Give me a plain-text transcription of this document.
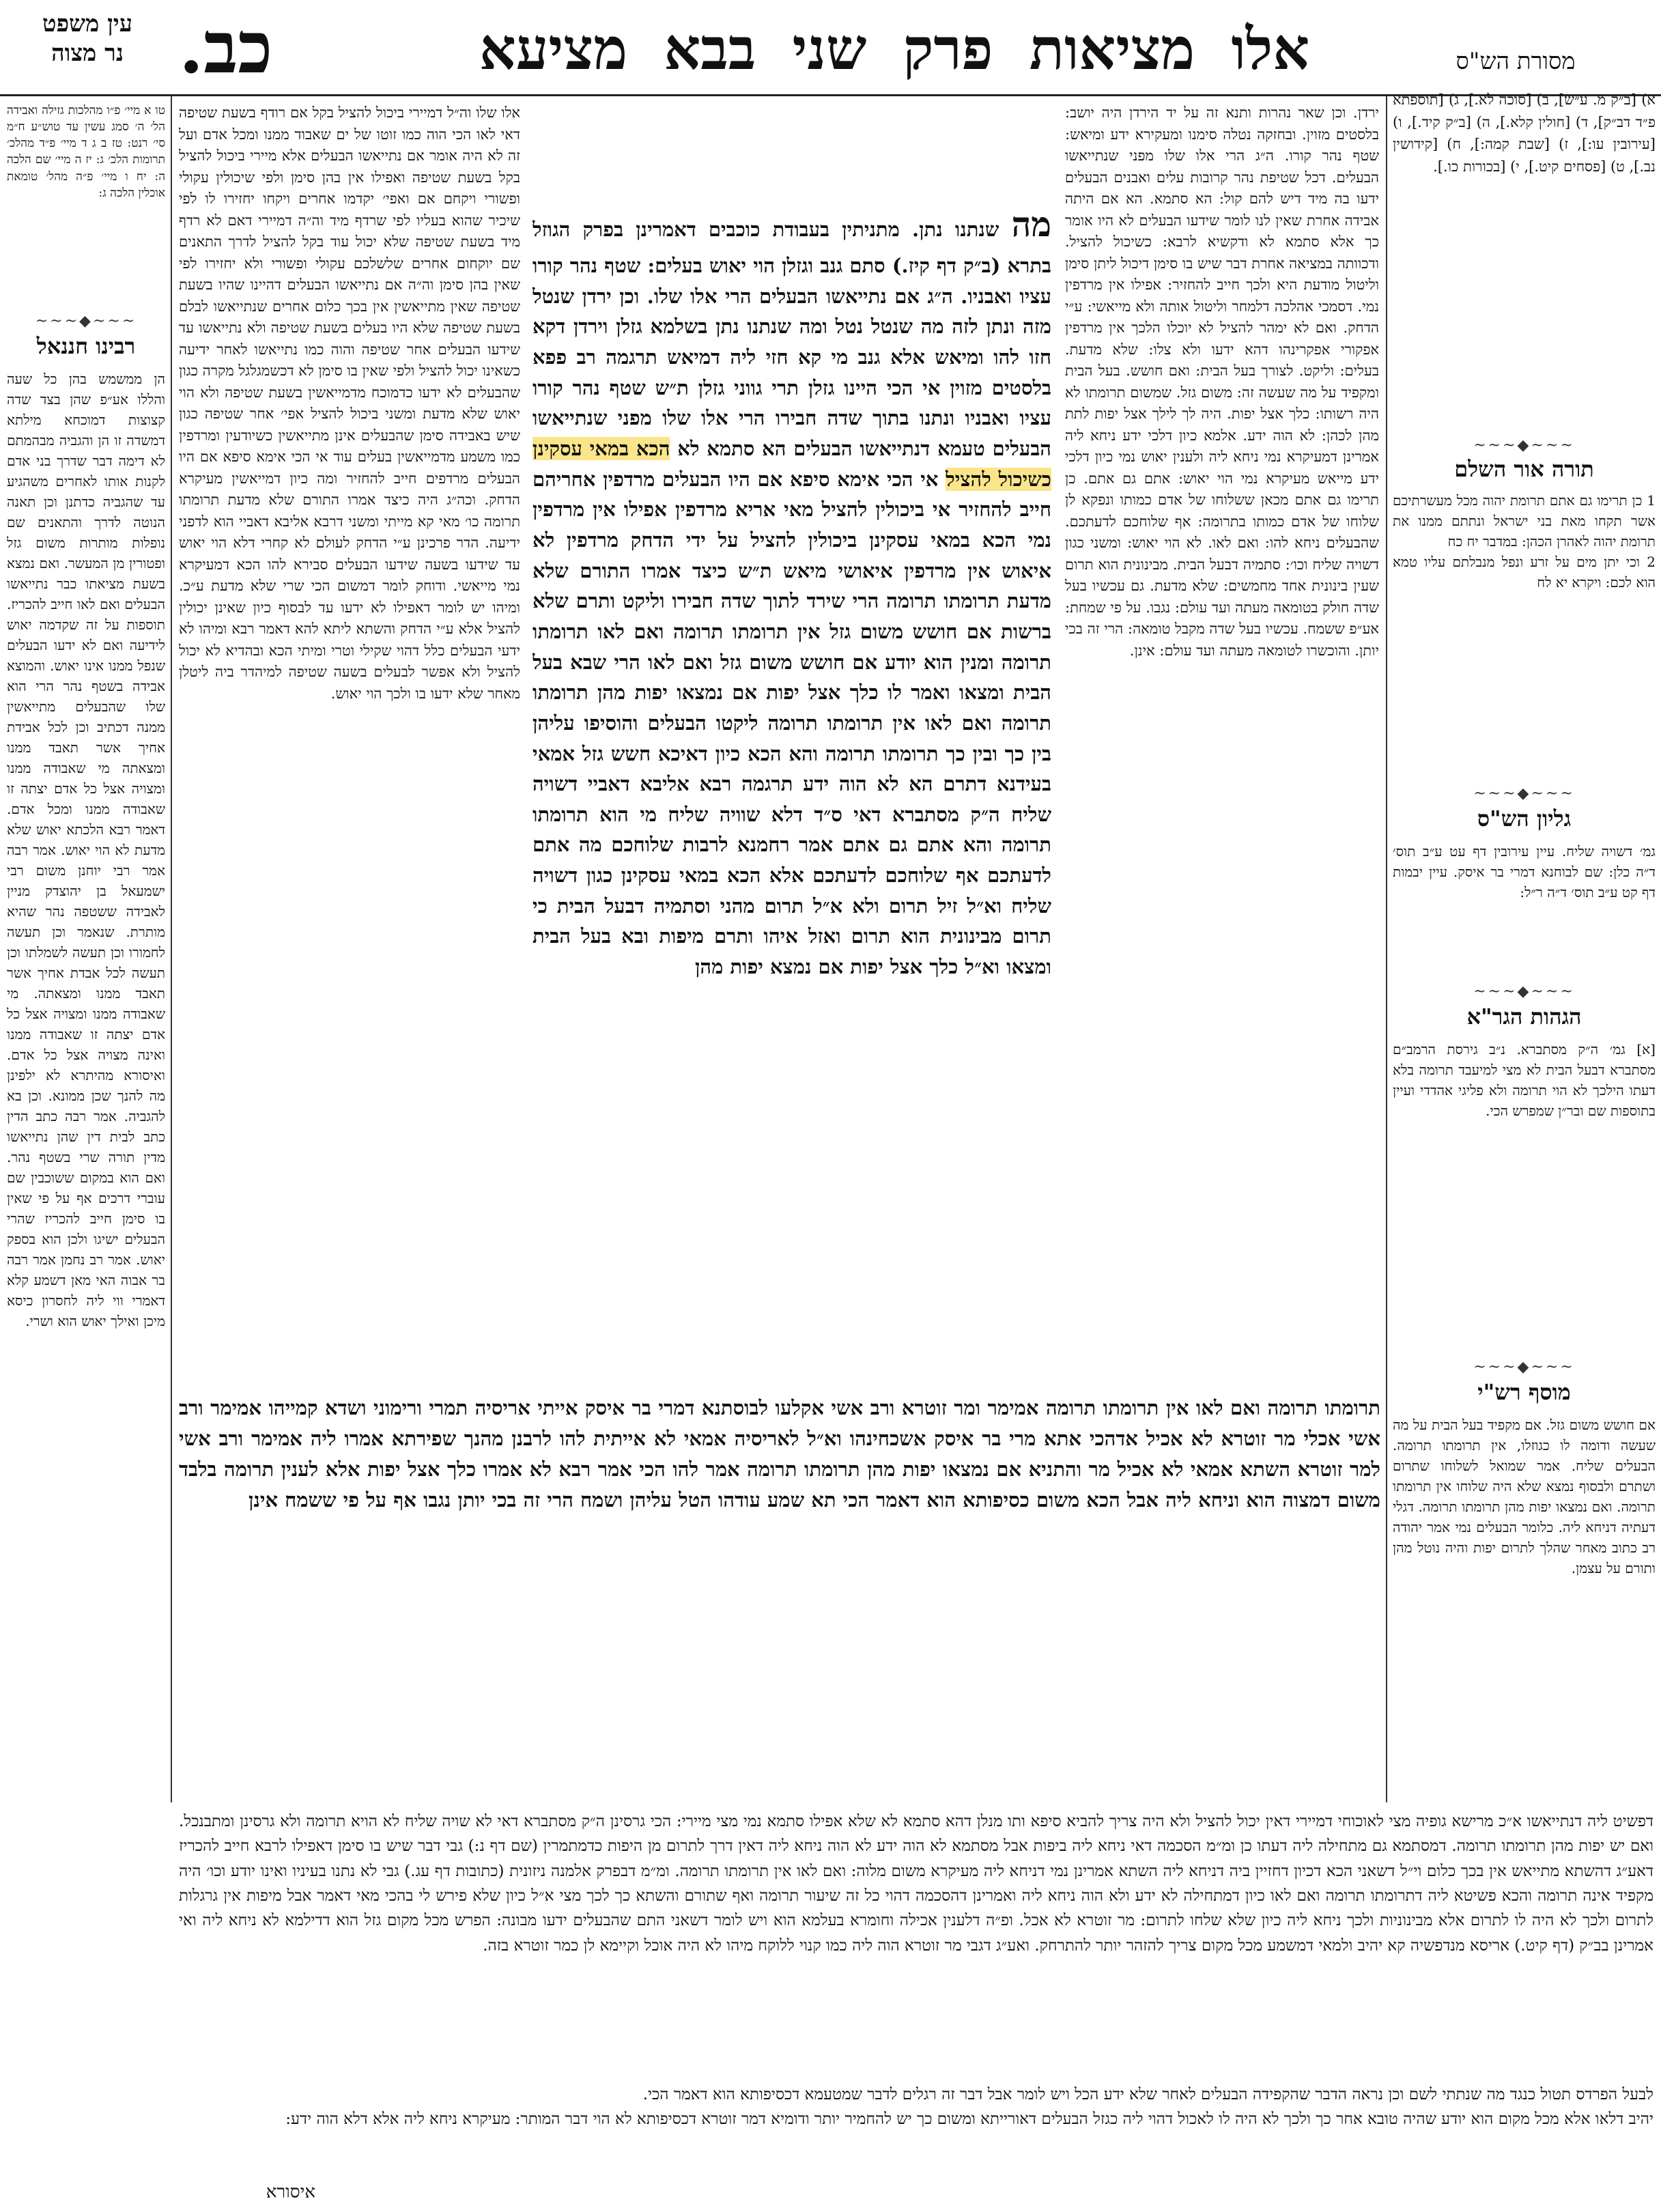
עין משפט
נר מצוה	כב.	אלו מציאות פרק שני בבא מציעא	מסורת הש"ס
טו א מיי׳ פ״ו מהלכות גזילה ואבידה הל׳ ה׳ סמג עשין עד טוש״ע ח״מ סי׳ רנט: טז ב ג ד מיי׳ פ״ד מהלכ׳ תרומות הלכ׳ ג: יז ה מיי׳ שם הלכה ה: יח ו מיי׳ פ״ה מהל׳ טומאת אוכלין הלכה ג:
~~~◆~~~
רבינו חננאל
הן ממשמש בהן כל שעה והללו אע״פ שהן בצד שדה קצוצות דמוכחא מילתא דמשדה זו הן והגביה מבהמתם לא דימה דבר שדרך בני אדם לקנות אותו לאחרים משהגיע עד שהגביה כדתנן וכן תאנה הנוטה לדרך והתאנים שם נופלות מותרות משום גזל ופטורין מן המעשר. ואם נמצא בשעת מציאתו כבר נתייאשו הבעלים ואם לאו חייב להכריז. תוספות על זה שקדמה יאוש לידיעה ואם לא ידעו הבעלים שנפל ממנו אינו יאוש. והמוצא אבידה בשטף נהר הרי הוא שלו שהבעלים מתייאשין ממנה דכתיב וכן לכל אבידת אחיך אשר תאבד ממנו ומצאתה מי שאבודה ממנו ומצויה אצל כל אדם יצתה זו שאבודה ממנו ומכל אדם. דאמר רבא הלכתא יאוש שלא מדעת לא הוי יאוש. אמר רבה אמר רבי יוחנן משום רבי ישמעאל בן יהוצדק מניין לאבידה ששטפה נהר שהיא מותרת. שנאמר וכן תעשה לחמורו וכן תעשה לשמלתו וכן תעשה לכל אבדת אחיך אשר תאבד ממנו ומצאתה. מי שאבודה ממנו ומצויה אצל כל אדם יצתה זו שאבודה ממנו ואינה מצויה אצל כל אדם. ואיסורא מהיתרא לא ילפינן מה להנך שכן ממונא. וכן בא להגביה. אמר רבה כתב הדין כתב לבית דין שהן נתייאשו מדין תורה שרי בשטף נהר. ואם הוא במקום ששוכבין שם עוברי דרכים אף על פי שאין בו סימן חייב להכריז שהרי הבעלים ישיגו ולכן הוא בספק יאוש. אמר רב נחמן אמר רבה בר אבוה האי מאן דשמע קלא דאמרי ווי ליה לחסרון כיסא מיכן ואילך יאוש הוא ושרי.
א) [ב״ק מ. ע״ש], ב) [סוכה לא.], ג) [תוספתא פ״ד דב״ק], ד) [חולין קלא.], ה) [ב״ק קיד.], ו) [עירובין עו:], ז) [שבת קמה:], ח) [קידושין נב.], ט) [פסחים קיט.], י) [בכורות כו.].
~~~◆~~~
תורה אור השלם
1 כן תרימו גם אתם תרומת יהוה מכל מעשרתיכם אשר תקחו מאת בני ישראל ונתתם ממנו את תרומת יהוה לאהרן הכהן: במדבר יח כח
2 וכי יתן מים על זרע ונפל מנבלתם עליו טמא הוא לכם: ויקרא יא לח
~~~◆~~~
גליון הש"ס
גמ׳ דשויה שליח. עיין עירובין דף עט ע״ב תוס׳ ד״ה כלן: שם לבוחנא דמרי בר איסק. עיין יבמות דף קט ע״ב תוס׳ ד״ה ר״ל:
~~~◆~~~
הגהות הגר"א
[א] גמ׳ ה״ק מסתברא. נ״ב גירסת הרמב״ם מסתברא דבעל הבית לא מצי למיעבד תרומה בלא דעתו הילכך לא הוי תרומה ולא פליגי אהדדי ועיין בתוספות שם ובר״ן שמפרש הכי.
~~~◆~~~
מוסף רש"י
אם חושש משום גזל. אם מקפיד בעל הבית על מה שעשה ודומה לו כגוזלו, אין תרומתו תרומה. הבעלים שליח. אמר שמואל לשלוחו שתרום ושתרם ולבסוף נמצא שלא היה שלוחו אין תרומתו תרומה. ואם נמצאו יפות מהן תרומתו תרומה. דגלי דעתיה דניחא ליה. כלומר הבעלים נמי אמר יהודה רב כתוב מאחר שהלך לתרום יפות והיה נוטל מהן ותורם על עצמן.
אלו שלו וה״ל דמיירי ביכול להציל בקל אם רודף בשעת שטיפה דאי לאו הכי הוה כמו זוטו של ים שאבוד ממנו ומכל אדם ועל זה לא היה אומר אם נתייאשו הבעלים אלא מיירי ביכול להציל בקל בשעת שטיפה ואפילו אין בהן סימן ולפי שיכולין עקולי ופשורי ויקחם אם ואפי׳ יקדמו אחרים ויקחו יחזירו לו לפי שיכיר שהוא בעליו לפי שרדף מיד וה״ה דמיירי דאם לא רדף מיד בשעת שטיפה שלא יכול עוד בקל להציל לדרך התאנים שם יוקחום אחרים שלשלכם עקולי ופשורי ולא יחזירו לפי שאין בהן סימן וה״ה אם נתייאשו הבעלים דהיינו שהיו בשעת שטיפה שאין מתייאשין אין בכך כלום אחרים שנתייאשו לבלם בשעת שטיפה שלא היו בעלים בשעת שטיפה ולא נתייאשו עד שידעו הבעלים אחר שטיפה והוה כמו נתייאשו לאחר ידיעה כשאינו יכול להציל ולפי שאין בו סימן לא דכשמגלגל מקרה כגון שהבעלים לא ידעו כדמוכח מדמייאשין בשעת שטיפה ולא הוי יאוש שלא מדעת ומשני ביכול להציל אפי׳ אחר שטיפה כגון שיש באבידה סימן שהבעלים אינן מתייאשין כשיודעין ומרדפין כמו משמע מדמייאשין בעלים עוד אי הכי אימא סיפא אם היו הבעלים מרדפים חייב להחזיר ומה כיון דמייאשין מעיקרא הדחק. וכה״ג היה כיצד אמרו התורם שלא מדעת תרומתו תרומה כו׳ מאי קא מייתי ומשני דרבא אליבא דאביי הוא לדפני ידיעה. הדר פרכינן ע״י הדחק לעולם לא קחרי דלא הוי יאוש עד שידעו בשעה שידעו הבעלים סבירא להו הכא דמעיקרא נמי מייאשי. ודוחק לומר דמשום הכי שרי שלא מדעת ע״כ. ומיהו יש לומר דאפילו לא ידעו עד לבסוף כיון שאינן יכולין להציל אלא ע״י הדחק והשתא ליתא להא דאמר רבא ומיהו לא ידעי הבעלים כלל דהוי שקילי וטרי ומיתי הכא ובהדיא לא יכול להציל ולא אפשר לבעלים בשעה שטיפה למיהדר ביה ליטלן מאחר שלא ידעו בו ולכך הוי יאוש.
ירדן. וכן שאר נהרות ותנא זה על יד הירדן היה יושב: בלסטים מזוין. ובחזקה נטלה סימנו ומעקירא ידע ומיאש: שטף נהר קורו. ה״ג הרי אלו שלו מפני שנתייאשו הבעלים. דכל שטיפת נהר קרובות עלים ואבנים הבעלים ידעו בה מיד דיש להם קול: הא סתמא. הא אם היתה אבידה אחרת שאין לנו לומר שידעו הבעלים לא היו אומר כך אלא סתמא לא ודקשיא לרבא: כשיכול להציל. ודכוותה במציאה אחרת דבר שיש בו סימן דיכול ליתן סימן וליטול מודעת היא ולכך חייב להחזיר: אפילו אין מרדפין נמי. דסמכי אהלכה דלמחר וליטול אותה ולא מייאשי: ע״י הדחק. ואם לא ימהר להציל לא יוכלו הלכך אין מרדפין אפקורי אפקרינהו דהא ידעו ולא צלו: שלא מדעת. בעלים: וליקט. לצורך בעל הבית: ואם חושש. בעל הבית ומקפיד על מה שעשה זה: משום גזל. שמשום תרומתו לא היה רשותו: כלך אצל יפות. היה לך לילך אצל יפות לתת מהן לכהן: לא הוה ידע. אלמא כיון דלכי ידע ניחא ליה אמרינן דמעיקרא נמי ניחא ליה ולענין יאוש נמי כיון דלכי ידע מייאש מעיקרא נמי הוי יאוש: אתם גם אתם. כן תרימו גם אתם מכאן ששלוחו של אדם כמותו ונפקא לן שלוחו של אדם כמותו בתרומה: אף שלוחכם לדעתכם. שהבעלים ניחא להו: ואם לאו. לא הוי יאוש: ומשני כגון דשויה שליח וכו׳: סתמיה דבעל הבית. מבינונית הוא תרום שעין בינונית אחד מחמשים: שלא מדעת. גם עכשיו בעל שדה חולק בטומאה מעתה ועד עולם: נגבו. על פי שמחת: אע״פ ששמח. עכשיו בעל שדה מקבל טומאה: הרי זה בכי יותן. והוכשרו לטומאה מעתה ועד עולם: אינן.
מה שנתנו נתן. מתניתין בעבודת כוכבים דאמרינן בפרק הגוזל בתרא (ב״ק דף קיז.) סתם גנב וגזלן הוי יאוש בעלים: שטף נהר קורו עציו ואבניו. ה״ג אם נתייאשו הבעלים הרי אלו שלו. וכן ירדן שנטל מזה ונתן לזה מה שנטל נטל ומה שנתנו נתן בשלמא גזלן וירדן דקא חזו להו ומיאש אלא גנב מי קא חזי ליה דמיאש תרגמה רב פפא בלסטים מזוין אי הכי היינו גזלן תרי גווני גזלן ת״ש שטף נהר קורו עציו ואבניו ונתנו בתוך שדה חבירו הרי אלו שלו מפני שנתייאשו הבעלים טעמא דנתייאשו הבעלים הא סתמא לא הכא במאי עסקינן כשיכול להציל אי הכי אימא סיפא אם היו הבעלים מרדפין אחריהם חייב להחזיר אי ביכולין להציל מאי אריא מרדפין אפילו אין מרדפין נמי הכא במאי עסקינן ביכולין להציל על ידי הדחק מרדפין לא איאוש אין מרדפין איאושי מיאש ת״ש כיצד אמרו התורם שלא מדעת תרומתו תרומה הרי שירד לתוך שדה חבירו וליקט ותרם שלא ברשות אם חושש משום גזל אין תרומתו תרומה ואם לאו תרומתו תרומה ומנין הוא יודע אם חושש משום גזל ואם לאו הרי שבא בעל הבית ומצאו ואמר לו כלך אצל יפות אם נמצאו יפות מהן תרומתו תרומה ואם לאו אין תרומתו תרומה ליקטו הבעלים והוסיפו עליהן בין כך ובין כך תרומתו תרומה והא הכא כיון דאיכא חשש גזל אמאי בעידנא דתרם הא לא הוה ידע תרגמה רבא אליבא דאביי דשויה שליח ה״ק מסתברא דאי ס״ד דלא שוויה שליח מי הוא תרומתו תרומה והא אתם גם אתם אמר רחמנא לרבות שלוחכם מה אתם לדעתכם אף שלוחכם לדעתכם אלא הכא במאי עסקינן כגון דשויה שליח וא״ל זיל תרום ולא א״ל תרום מהני וסתמיה דבעל הבית כי תרום מבינונית הוא תרום ואזל איהו ותרם מיפות ובא בעל הבית ומצאו וא״ל כלך אצל יפות אם נמצא יפות מהן
תרומתו תרומה ואם לאו אין תרומתו תרומה אמימר ומר זוטרא ורב אשי אקלעו לבוסתנא דמרי בר איסק אייתי אריסיה תמרי ורימוני ושדא קמייהו אמימר ורב אשי אכלי מר זוטרא לא אכיל אדהכי אתא מרי בר איסק אשכחינהו וא״ל לאריסיה אמאי לא אייתית להו לרבנן מהנך שפירתא אמרו ליה אמימר ורב אשי למר זוטרא השתא אמאי לא אכיל מר והתניא אם נמצאו יפות מהן תרומתו תרומה אמר להו הכי אמר רבא לא אמרו כלך אצל יפות אלא לענין תרומה בלבד משום דמצוה הוא וניחא ליה אבל הכא משום כסיפותא הוא דאמר הכי תא שמע עודהו הטל עליהן ושמח הרי זה בכי יותן נגבו אף על פי ששמח אינן
דפשיט ליה דנתייאשו א״כ מרישא גופיה מצי לאוכוחי דמיירי דאין יכול להציל ולא היה צריך להביא סיפא ותו מנלן דהא סתמא לא שלא אפילו סתמא נמי מצי מיירי: הכי גרסינן ה״ק מסתברא דאי לא שויה שליח לא הויא תרומה ולא גרסינן ומתבנכל. ואם יש יפות מהן תרומתו תרומה. דמסתמא גם מתחילה ליה דעתו כן ומ״מ הסכמה דאי ניחא ליה ביפות אבל מסתמא לא הוה ידע לא הוה ניחא ליה דאין דרך לתרום מן היפות כדמתמרין (שם דף נ:) גבי דבר שיש בו סימן דאפילו לרבא חייב להכריז דאע״ג דהשתא מתייאש אין בכך כלום וי״ל דשאני הכא דכיון דחזיין ביה דניחא ליה השתא אמרינן נמי דניחא ליה מעיקרא משום מלוה: ואם לאו אין תרומתו תרומה. ומ״מ דבפרק אלמנה ניזונית (כתובות דף עג.) גבי לא נתנו בעיניו ואינו יודע וכו׳ היה מקפיד אינה תרומה והכא פשיטא ליה דתרומתו תרומה ואם לאו כיון דמתחילה לא ידע ולא הוה ניחא ליה ואמרינן דהסכמה דהוי כל זה שיעור תרומה ואף שתורם והשתא כך לכך מצי א״ל כיון שלא פירש לי בהכי מאי דאמר אבל מיפות אין גרגלות לתרום ולכך לא היה לו לתרום אלא מבינוניות ולכך ניחא ליה כיון שלא שלחו לתרום: מר זוטרא לא אכל. ופ״ה דלענין אכילה וחומרא בעלמא הוא ויש לומר דשאני התם שהבעלים ידעו מבונה: הפרש מכל מקום גזל הוא דדילמא לא ניחא ליה ואי אמרינן בב״ק (דף קיט.) אריסא מנדפשיה קא יהיב ולמאי דמשמע מכל מקום צריך להזהר יותר להתרחק. ואע״ג דגבי מר זוטרא הוה ליה כמו קנוי ללוקח מיהו לא היה אוכל וקיימא לן כמר זוטרא בזה.
לבעל הפרדס תטול כנגד מה שנתתי לשם וכן נראה הדבר שהקפידה הבעלים לאחר שלא ידע הכל ויש לומר אבל דבר זה רגלים לדבר שמטעמא דכסיפותא הוא דאמר הכי.
יהיב דלאו אלא מכל מקום הוא יודע שהיה טובא אחר כך ולכך לא היה לו לאכול דהוי ליה כגזל הבעלים דאורייתא ומשום כך יש להחמיר יותר ודומיא דמר זוטרא דכסיפותא לא הוי דבר המותר: מעיקרא ניחא ליה אלא דלא הוה ידע:
איסורא
